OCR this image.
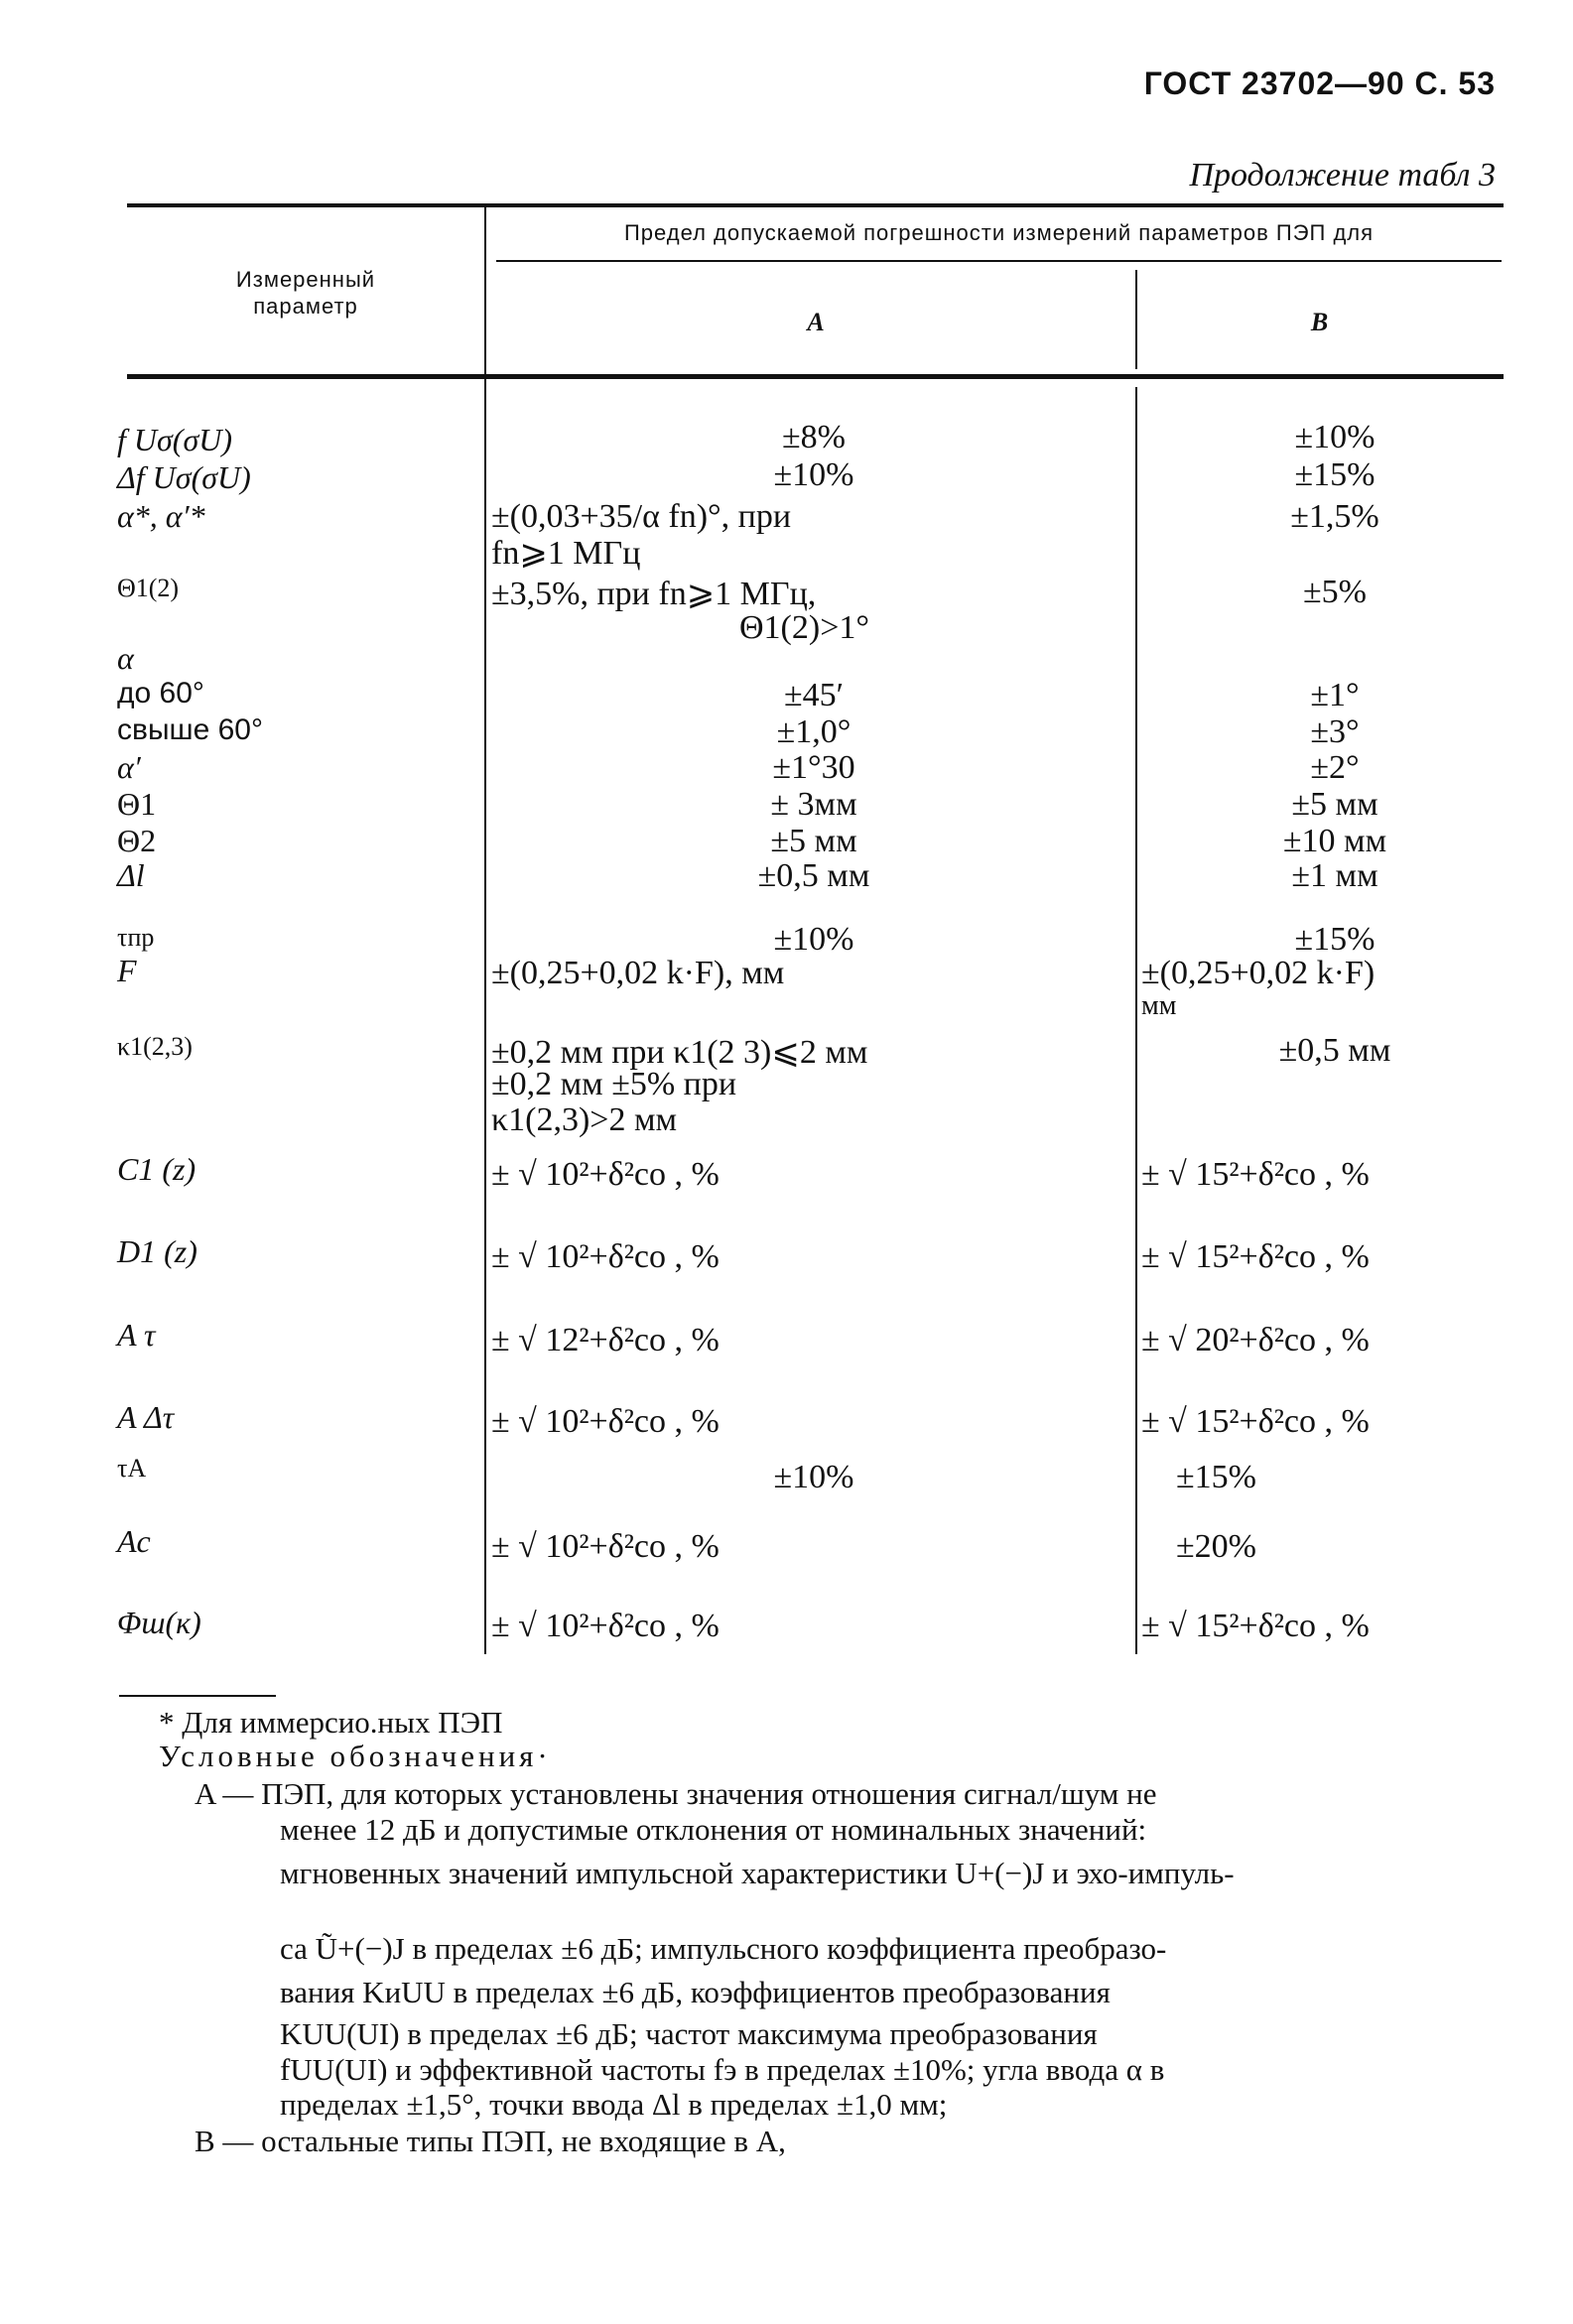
ГОСТ 23702—90 С. 53
Продолжение табл 3
Измеренный
параметр
Предел допускаемой погрешности измерений параметров ПЭП для
A	B
f Uσ(σU)
Δf Uσ(σU)
α*, α′*
Θ1(2)
α
до 60°
свыше 60°
α′
Θ1
Θ2
Δl
τпр
F
κ1(2,3)
C1 (z)
D1 (z)
A τ
A Δτ
τA
Ac
Φш(к)
±8%
±10%
±(0,03+35/α fn)°, при
fn⩾1 МГц
±3,5%, при fn⩾1 МГц,
Θ1(2)>1°
±45′
±1,0°
±1°30
± 3мм
±5 мм
±0,5 мм
±10%
±(0,25+0,02 k·F), мм
±0,2 мм при κ1(2 3)⩽2 мм
±0,2 мм ±5% при
κ1(2,3)>2 мм
± √ 10²+δ²co , %
± √ 10²+δ²co , %
± √ 12²+δ²co , %
± √ 10²+δ²co , %
±10%
± √ 10²+δ²co , %
± √ 10²+δ²co , %
±10%
±15%
±1,5%
±5%
±1°
±3°
±2°
±5 мм
±10 мм
±1 мм
±15%
±(0,25+0,02 k·F)
мм
±0,5 мм
± √ 15²+δ²co , %
± √ 15²+δ²co , %
± √ 20²+δ²co , %
± √ 15²+δ²co , %
±15%
±20%
± √ 15²+δ²co , %
* Для иммерсио.ных ПЭП
Условные обозначения·
A — ПЭП, для которых установлены значения отношения сигнал/шум не
менее 12 дБ и допустимые отклонения от номинальных значений:
мгновенных значений импульсной характеристики U+(−)J и эхо-импуль-
са Ũ+(−)J в пределах ±6 дБ; импульсного коэффициента преобразо-
вания KиUU в пределах ±6 дБ, коэффициентов преобразования
KUU(UI) в пределах ±6 дБ; частот максимума преобразования
fUU(UI) и эффективной частоты fэ в пределах ±10%; угла ввода α в
пределах ±1,5°, точки ввода Δl в пределах ±1,0 мм;
B — остальные типы ПЭП, не входящие в A,
